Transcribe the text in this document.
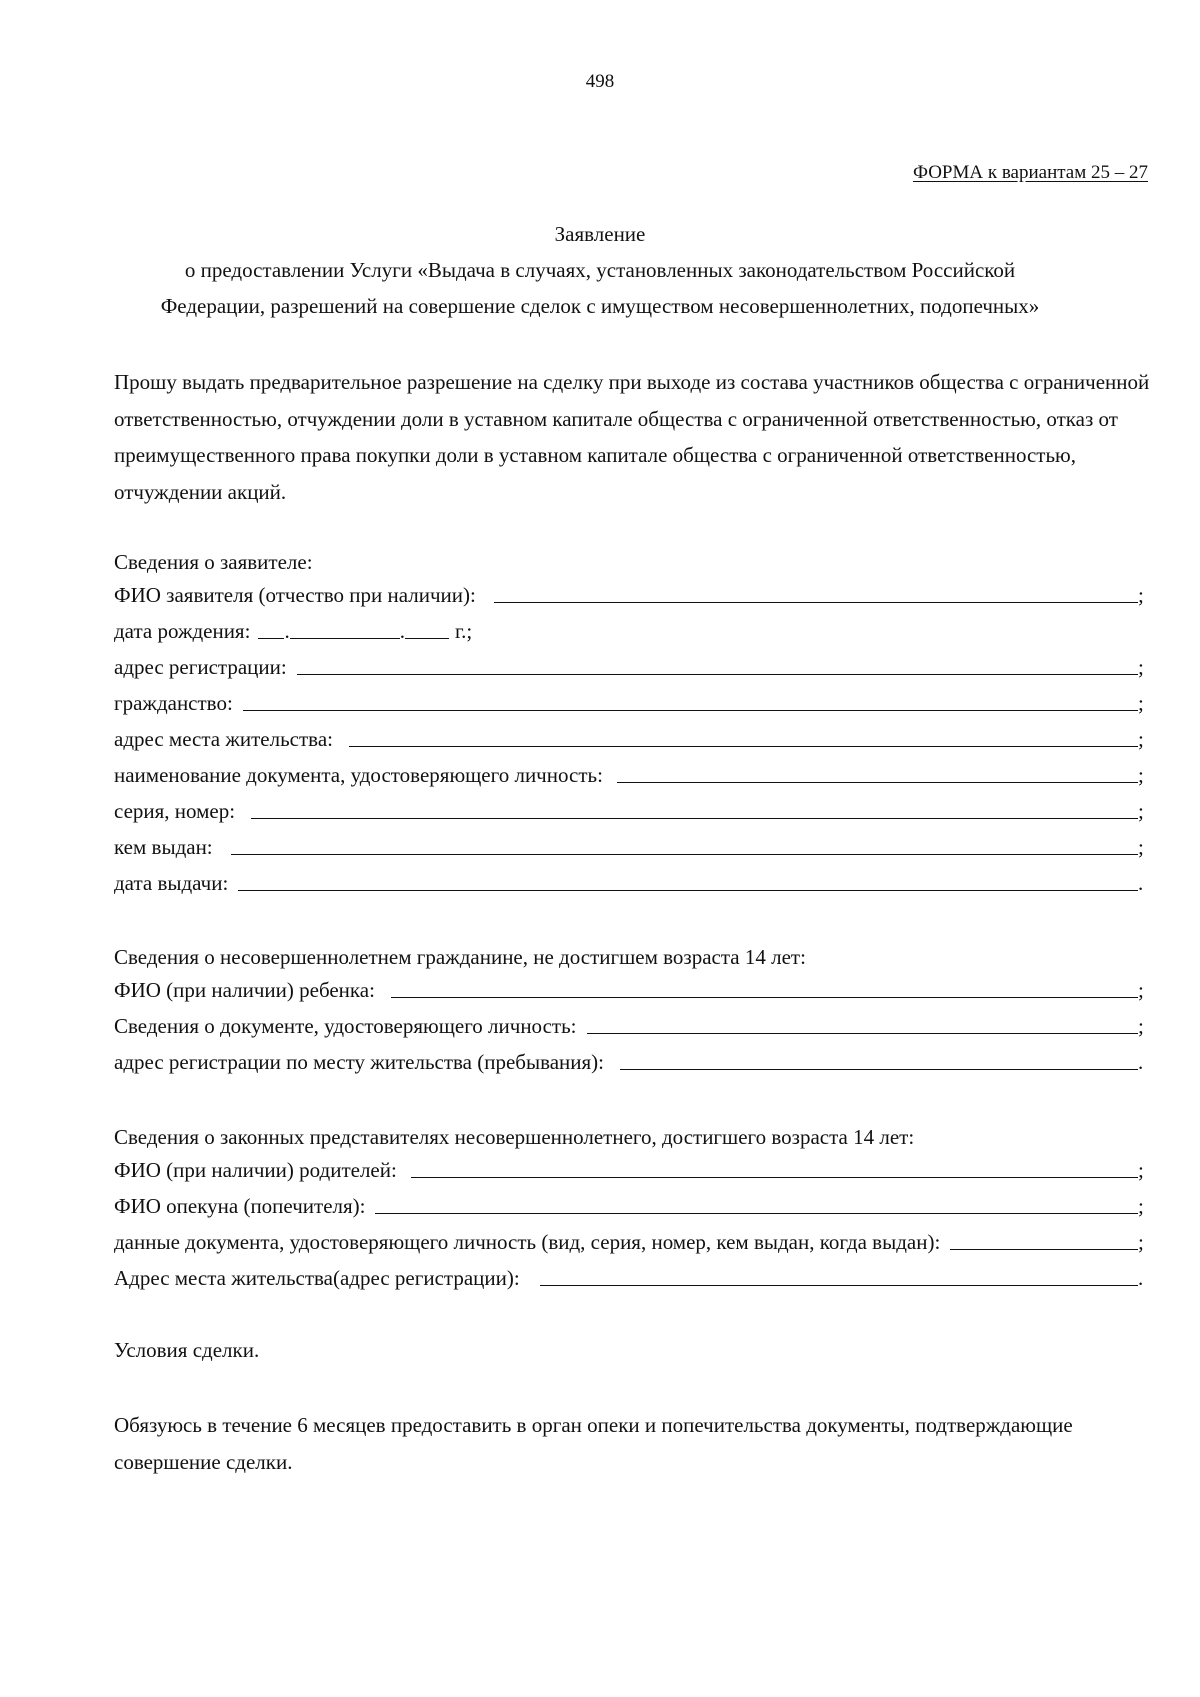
498
ФОРМА к вариантам 25 – 27
Заявление
о предоставлении Услуги «Выдача в случаях, установленных законодательством Российской
Федерации, разрешений на совершение сделок с имуществом несовершеннолетних, подопечных»
Прошу выдать предварительное разрешение на сделку при выходе из состава участников общества с ограниченной ответственностью, отчуждении доли в уставном капитале общества с ограниченной ответственностью, отказ от преимущественного права покупки доли в уставном капитале общества с ограниченной ответственностью, отчуждении акций.
Сведения о заявителе:
ФИО заявителя (отчество при наличии):	;
дата рождения: .	. г.;
адрес регистрации:	;
гражданство:	;
адрес места жительства:	;
наименование документа, удостоверяющего личность:	;
серия, номер:	;
кем выдан:	;
дата выдачи:	.
Сведения о несовершеннолетнем гражданине, не достигшем возраста 14 лет:
ФИО (при наличии) ребенка:	;
Сведения о документе, удостоверяющего личность:	;
адрес регистрации по месту жительства (пребывания):	.
Сведения о законных представителях несовершеннолетнего, достигшего возраста 14 лет:
ФИО (при наличии) родителей:	;
ФИО опекуна (попечителя):	;
данные документа, удостоверяющего личность (вид, серия, номер, кем выдан, когда выдан):	;
Адрес места жительства(адрес регистрации):	.
Условия сделки.
Обязуюсь в течение 6 месяцев предоставить в орган опеки и попечительства документы, подтверждающие совершение сделки.
